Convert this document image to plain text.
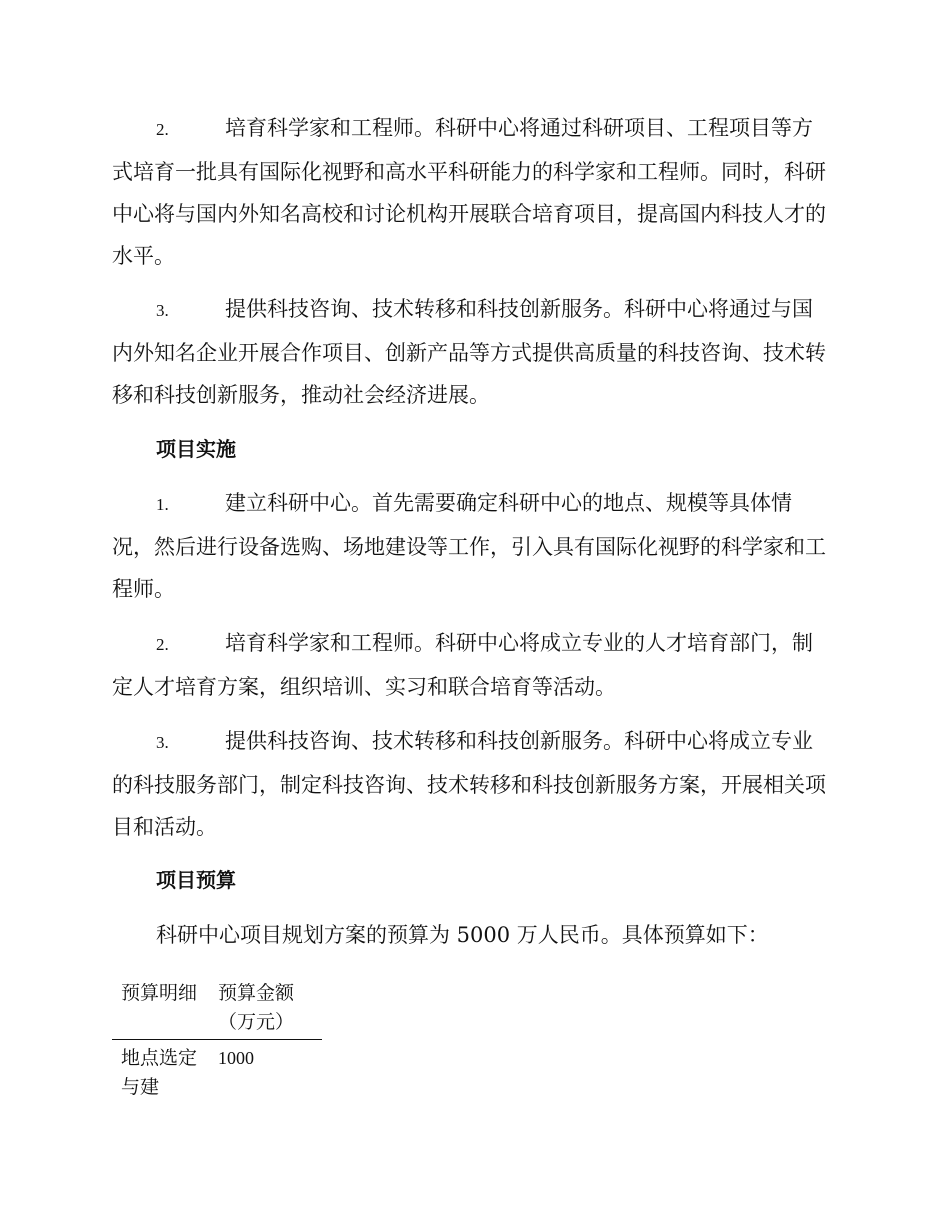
2.	培育科学家和工程师。科研中心将通过科研项目、工程项目等方式培育一批具有国际化视野和高水平科研能力的科学家和工程师。同时，科研中心将与国内外知名高校和讨论机构开展联合培育项目，提高国内科技人才的水平。

3.	提供科技咨询、技术转移和科技创新服务。科研中心将通过与国内外知名企业开展合作项目、创新产品等方式提供高质量的科技咨询、技术转移和科技创新服务，推动社会经济进展。

项目实施

1.	建立科研中心。首先需要确定科研中心的地点、规模等具体情况，然后进行设备选购、场地建设等工作，引入具有国际化视野的科学家和工程师。

2.	培育科学家和工程师。科研中心将成立专业的人才培育部门，制定人才培育方案，组织培训、实习和联合培育等活动。

3.	提供科技咨询、技术转移和科技创新服务。科研中心将成立专业的科技服务部门，制定科技咨询、技术转移和科技创新服务方案，开展相关项目和活动。

项目预算

科研中心项目规划方案的预算为 5000 万人民币。具体预算如下：

预算明细	预算金额（万元）
地点选定与建	1000
